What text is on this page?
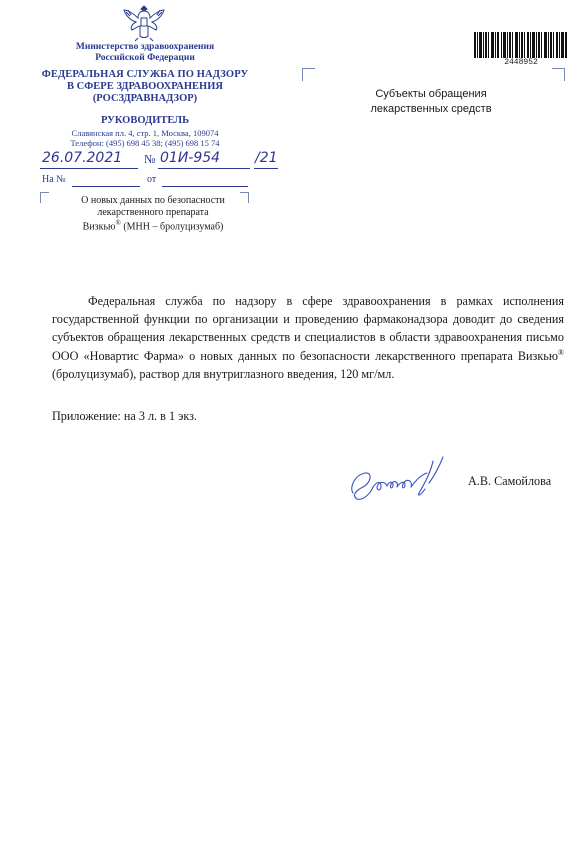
Министерство здравоохранения
Российской Федерации
ФЕДЕРАЛЬНАЯ СЛУЖБА ПО НАДЗОРУ
В СФЕРЕ ЗДРАВООХРАНЕНИЯ
(РОСЗДРАВНАДЗОР)
РУКОВОДИТЕЛЬ
Славянская пл. 4, стр. 1, Москва, 109074
Телефон: (495) 698 45 38; (495) 698 15 74
26.07.2021 № 01И-954 /21
На №	от
О новых данных по безопасности
лекарственного препарата
Визкью® (МНН – бролуцизумаб)
Субъекты обращения
лекарственных средств
2448952
Федеральная служба по надзору в сфере здравоохранения в рамках исполнения государственной функции по организации и проведению фармаконадзора доводит до сведения субъектов обращения лекарственных средств и специалистов в области здравоохранения письмо ООО «Новартис Фарма» о новых данных по безопасности лекарственного препарата Визкью® (бролуцизумаб), раствор для внутриглазного введения, 120 мг/мл.
Приложение: на 3 л. в 1 экз.
А.В. Самойлова
